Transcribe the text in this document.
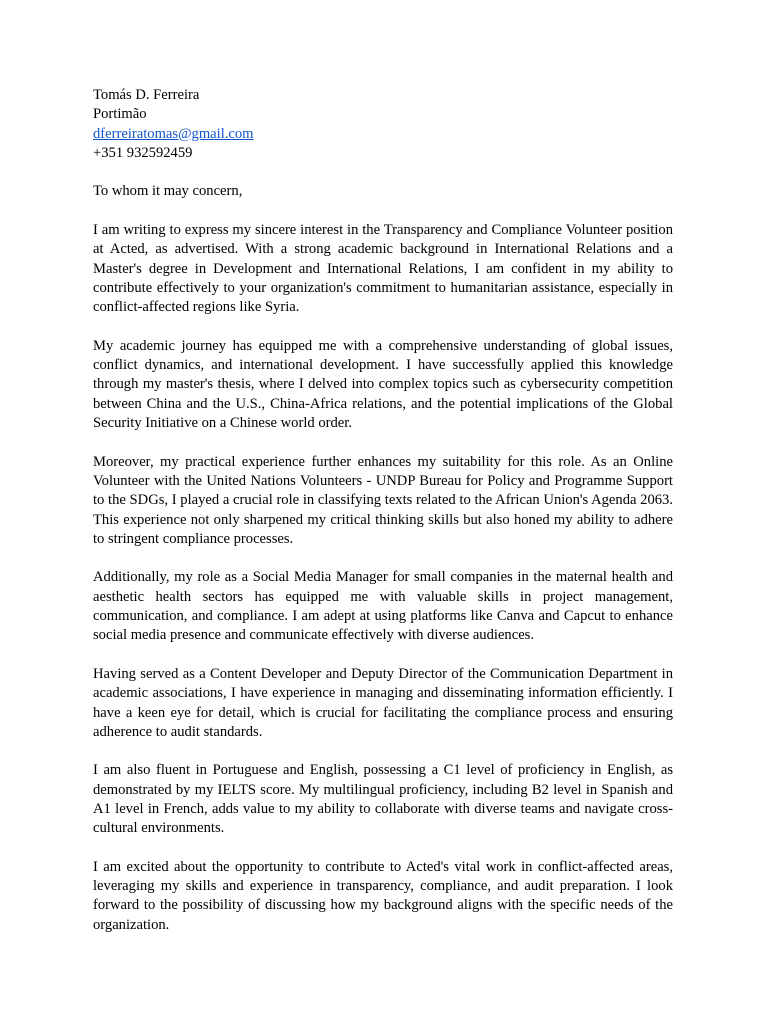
Tomás D. Ferreira
Portimão
dferreiratomas@gmail.com
+351 932592459

To whom it may concern,

I am writing to express my sincere interest in the Transparency and Compliance Volunteer position at Acted, as advertised. With a strong academic background in International Relations and a Master's degree in Development and International Relations, I am confident in my ability to contribute effectively to your organization's commitment to humanitarian assistance, especially in conflict-affected regions like Syria.

My academic journey has equipped me with a comprehensive understanding of global issues, conflict dynamics, and international development. I have successfully applied this knowledge through my master's thesis, where I delved into complex topics such as cybersecurity competition between China and the U.S., China-Africa relations, and the potential implications of the Global Security Initiative on a Chinese world order.

Moreover, my practical experience further enhances my suitability for this role. As an Online Volunteer with the United Nations Volunteers - UNDP Bureau for Policy and Programme Support to the SDGs, I played a crucial role in classifying texts related to the African Union's Agenda 2063. This experience not only sharpened my critical thinking skills but also honed my ability to adhere to stringent compliance processes.

Additionally, my role as a Social Media Manager for small companies in the maternal health and aesthetic health sectors has equipped me with valuable skills in project management, communication, and compliance. I am adept at using platforms like Canva and Capcut to enhance social media presence and communicate effectively with diverse audiences.

Having served as a Content Developer and Deputy Director of the Communication Department in academic associations, I have experience in managing and disseminating information efficiently. I have a keen eye for detail, which is crucial for facilitating the compliance process and ensuring adherence to audit standards.

I am also fluent in Portuguese and English, possessing a C1 level of proficiency in English, as demonstrated by my IELTS score. My multilingual proficiency, including B2 level in Spanish and A1 level in French, adds value to my ability to collaborate with diverse teams and navigate cross-cultural environments.

I am excited about the opportunity to contribute to Acted's vital work in conflict-affected areas, leveraging my skills and experience in transparency, compliance, and audit preparation. I look forward to the possibility of discussing how my background aligns with the specific needs of the organization.
